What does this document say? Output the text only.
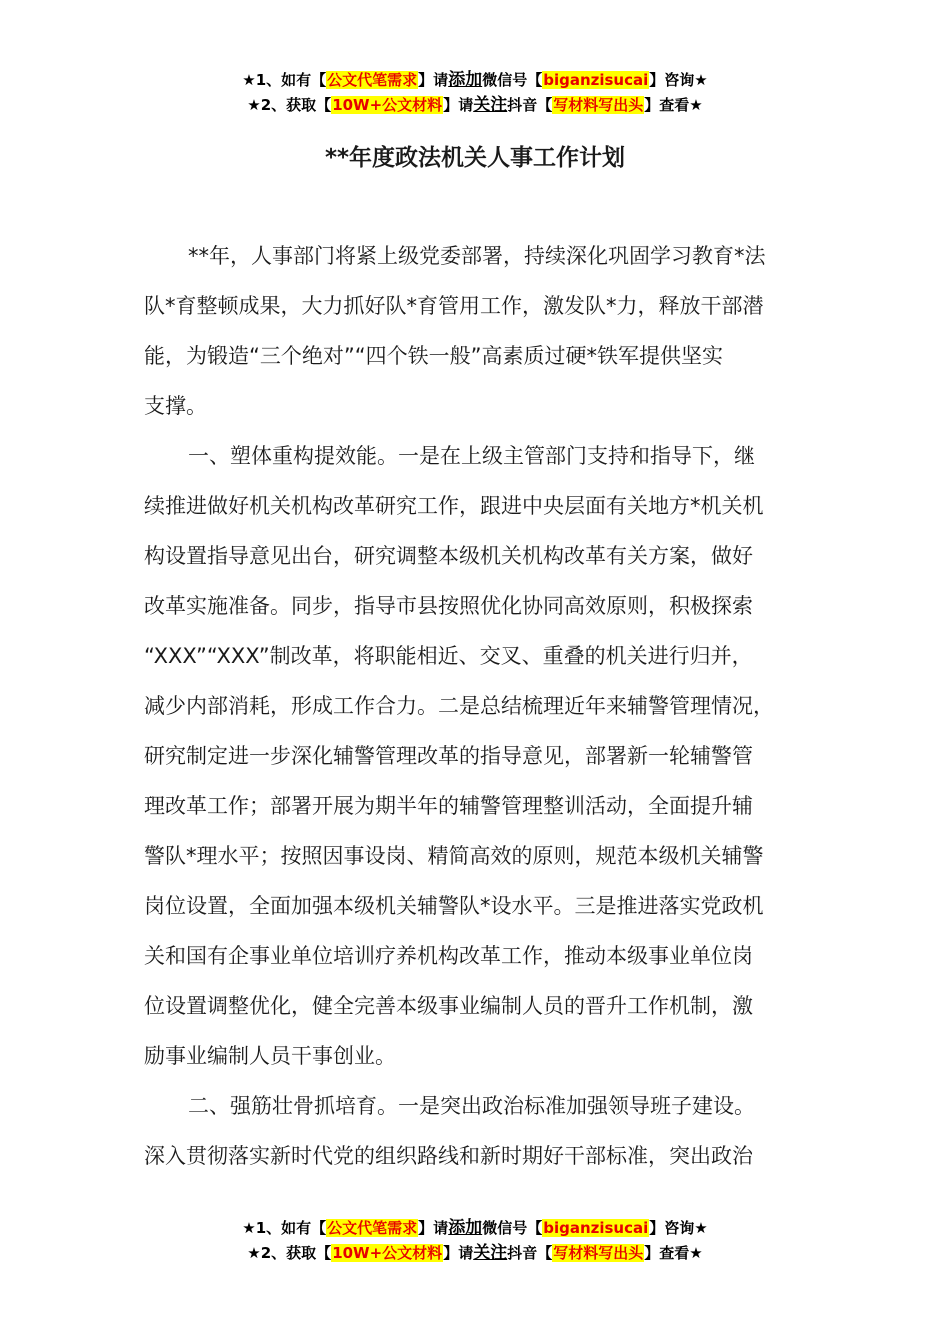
★1、如有【公文代笔需求】请添加微信号【biganzisucai】咨询★
★2、获取【10W+公文材料】请关注抖音【写材料写出头】查看★
**年度政法机关人事工作计划
**年，人事部门将紧上级党委部署，持续深化巩固学习教育*法
队*育整顿成果，大力抓好队*育管用工作，激发队*力，释放干部潜
能，为锻造“三个绝对”“四个铁一般”高素质过硬*铁军提供坚实
支撑。
一、塑体重构提效能。一是在上级主管部门支持和指导下，继
续推进做好机关机构改革研究工作，跟进中央层面有关地方*机关机
构设置指导意见出台，研究调整本级机关机构改革有关方案，做好
改革实施准备。同步，指导市县按照优化协同高效原则，积极探索
“XXX”“XXX”制改革，将职能相近、交叉、重叠的机关进行归并，
减少内部消耗，形成工作合力。二是总结梳理近年来辅警管理情况，
研究制定进一步深化辅警管理改革的指导意见，部署新一轮辅警管
理改革工作；部署开展为期半年的辅警管理整训活动，全面提升辅
警队*理水平；按照因事设岗、精简高效的原则，规范本级机关辅警
岗位设置，全面加强本级机关辅警队*设水平。三是推进落实党政机
关和国有企事业单位培训疗养机构改革工作，推动本级事业单位岗
位设置调整优化，健全完善本级事业编制人员的晋升工作机制，激
励事业编制人员干事创业。
二、强筋壮骨抓培育。一是突出政治标准加强领导班子建设。
深入贯彻落实新时代党的组织路线和新时期好干部标准，突出政治
★1、如有【公文代笔需求】请添加微信号【biganzisucai】咨询★
★2、获取【10W+公文材料】请关注抖音【写材料写出头】查看★
